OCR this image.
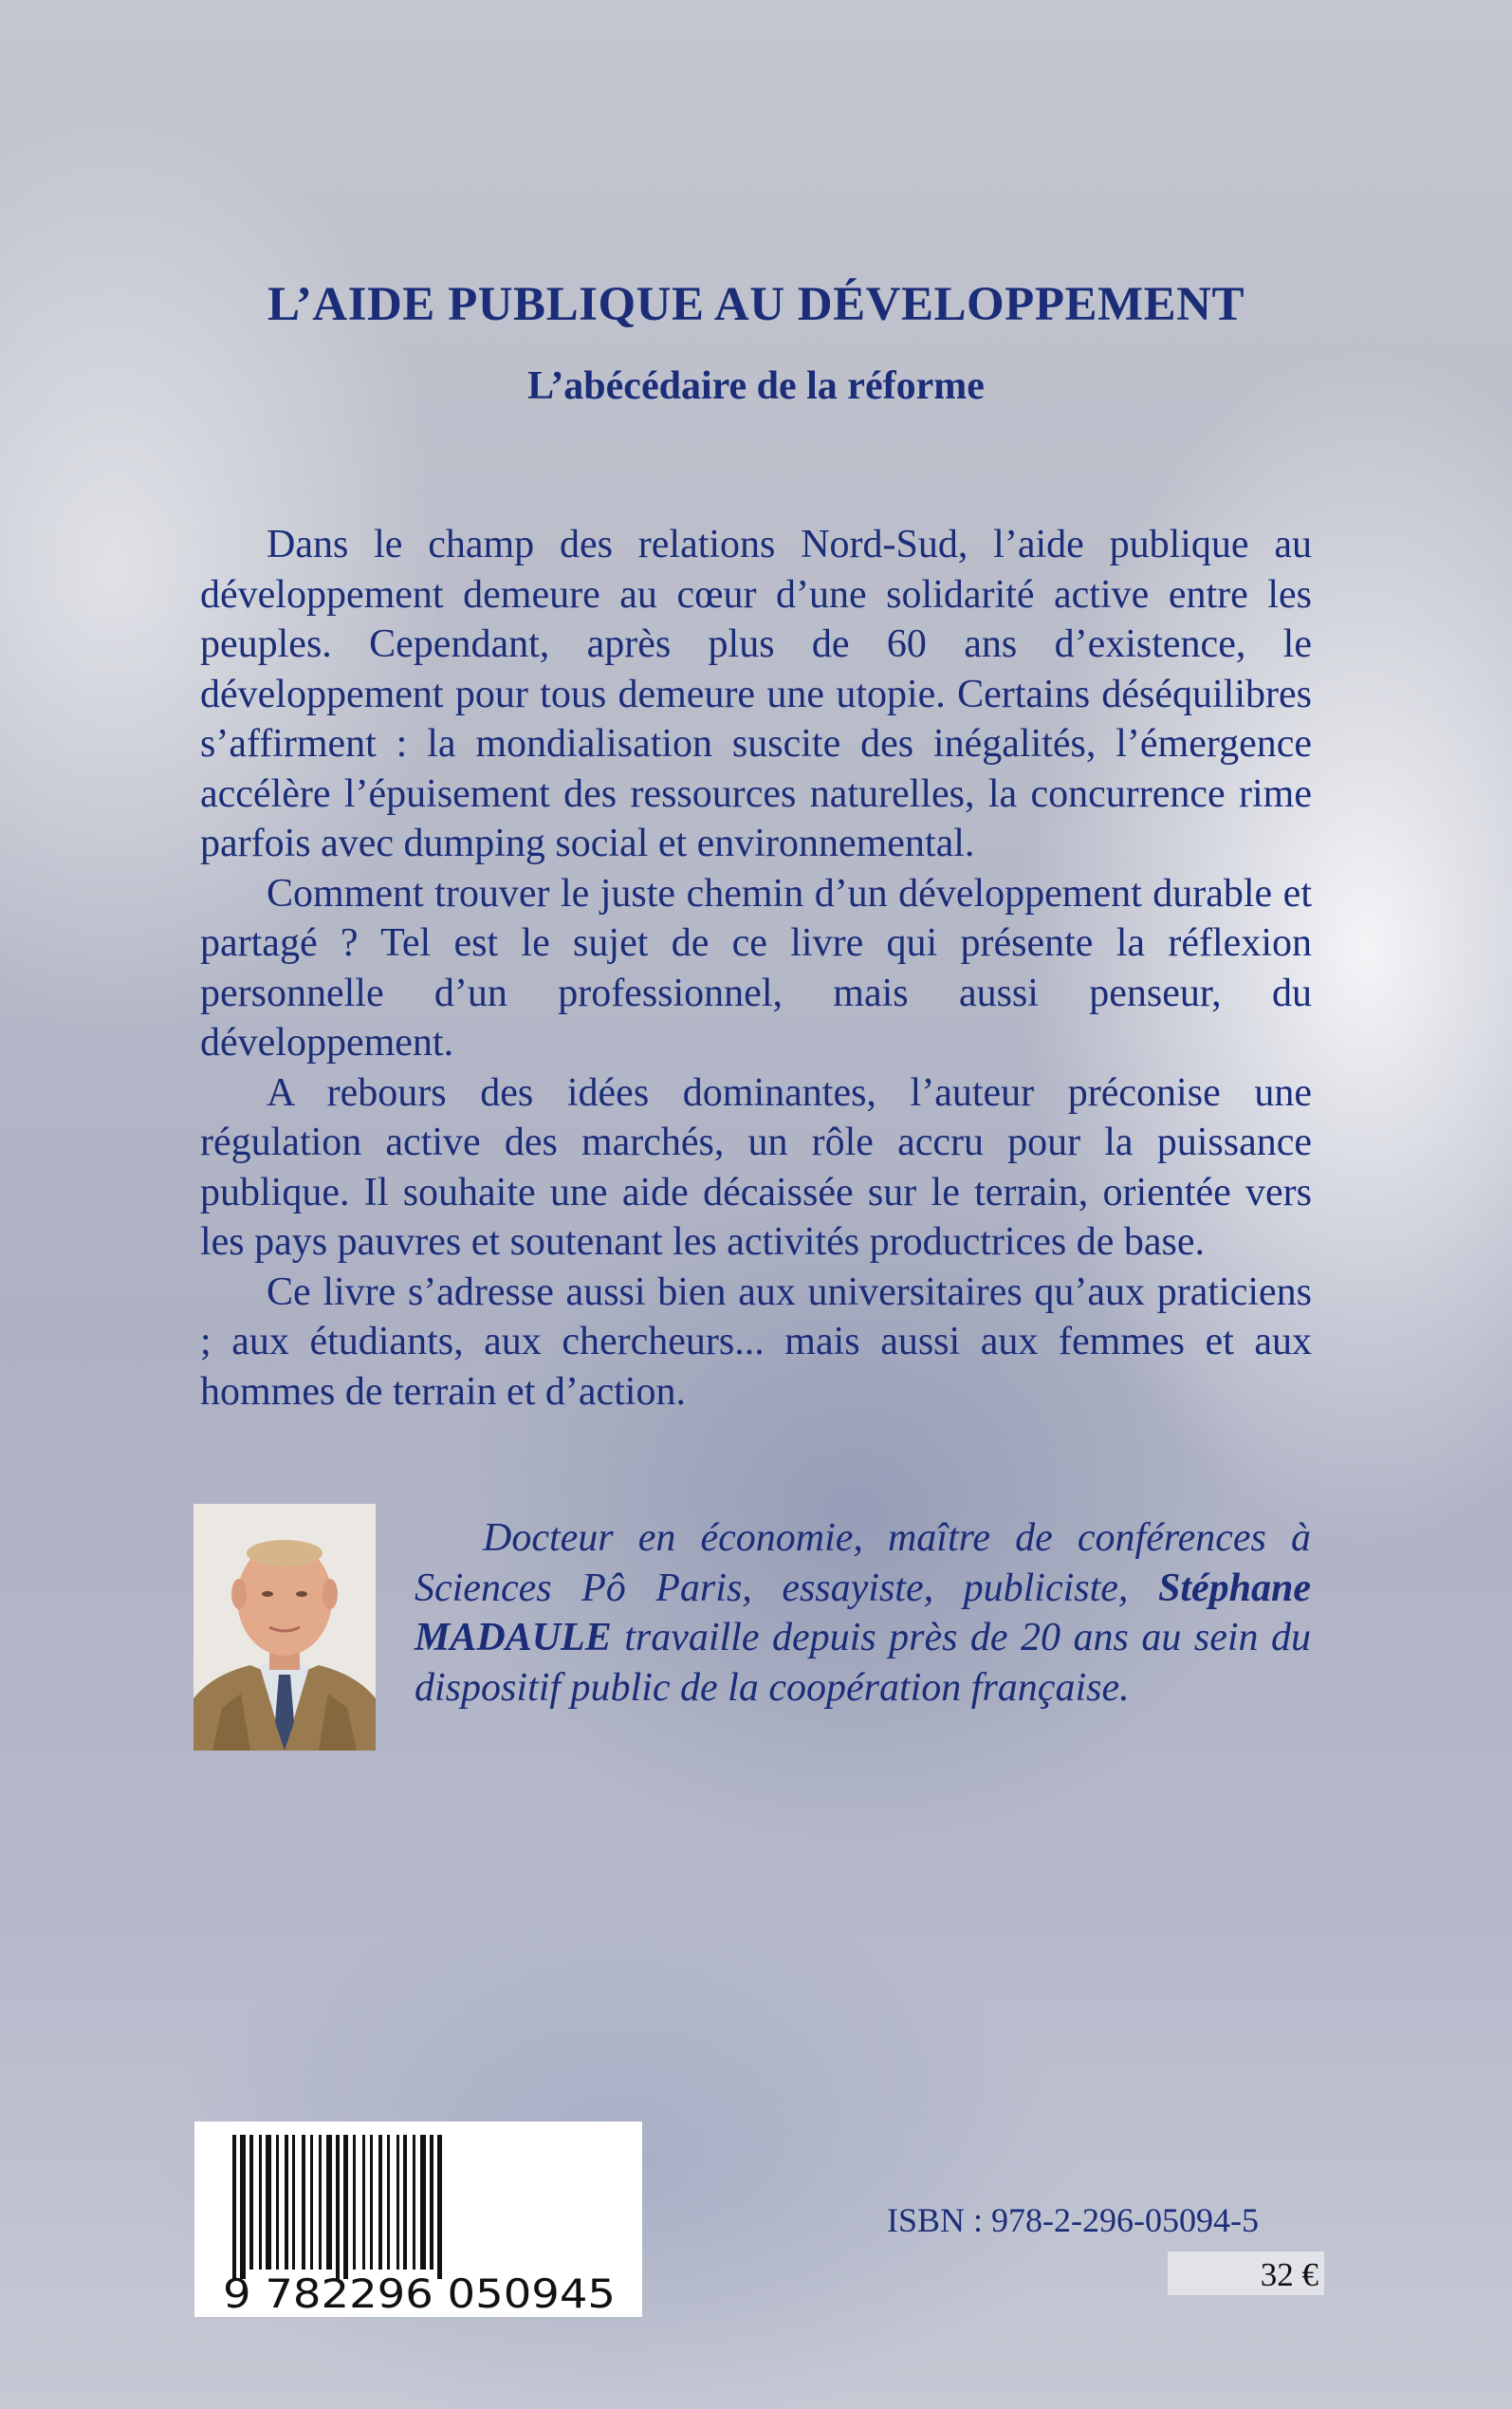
L’AIDE PUBLIQUE AU DÉVELOPPEMENT
L’abécédaire de la réforme

Dans le champ des relations Nord-Sud, l’aide publique au développement demeure au cœur d’une solidarité active entre les peuples. Cependant, après plus de 60 ans d’existence, le développement pour tous demeure une utopie. Certains déséquilibres s’affirment : la mondialisation suscite des inégalités, l’émergence accélère l’épuisement des ressources naturelles, la concurrence rime parfois avec dumping social et environnemental.

Comment trouver le juste chemin d’un développement durable et partagé ? Tel est le sujet de ce livre qui présente la réflexion personnelle d’un professionnel, mais aussi penseur, du développement.

A rebours des idées dominantes, l’auteur préconise une régulation active des marchés, un rôle accru pour la puissance publique. Il souhaite une aide décaissée sur le terrain, orientée vers les pays pauvres et soutenant les activités productrices de base.

Ce livre s’adresse aussi bien aux universitaires qu’aux praticiens ; aux étudiants, aux chercheurs... mais aussi aux femmes et aux hommes de terrain et d’action.

Docteur en économie, maître de conférences à Sciences Pô Paris, essayiste, publiciste, Stéphane MADAULE travaille depuis près de 20 ans au sein du dispositif public de la coopération française.

9 782296 050945

ISBN : 978-2-296-05094-5

32 €
